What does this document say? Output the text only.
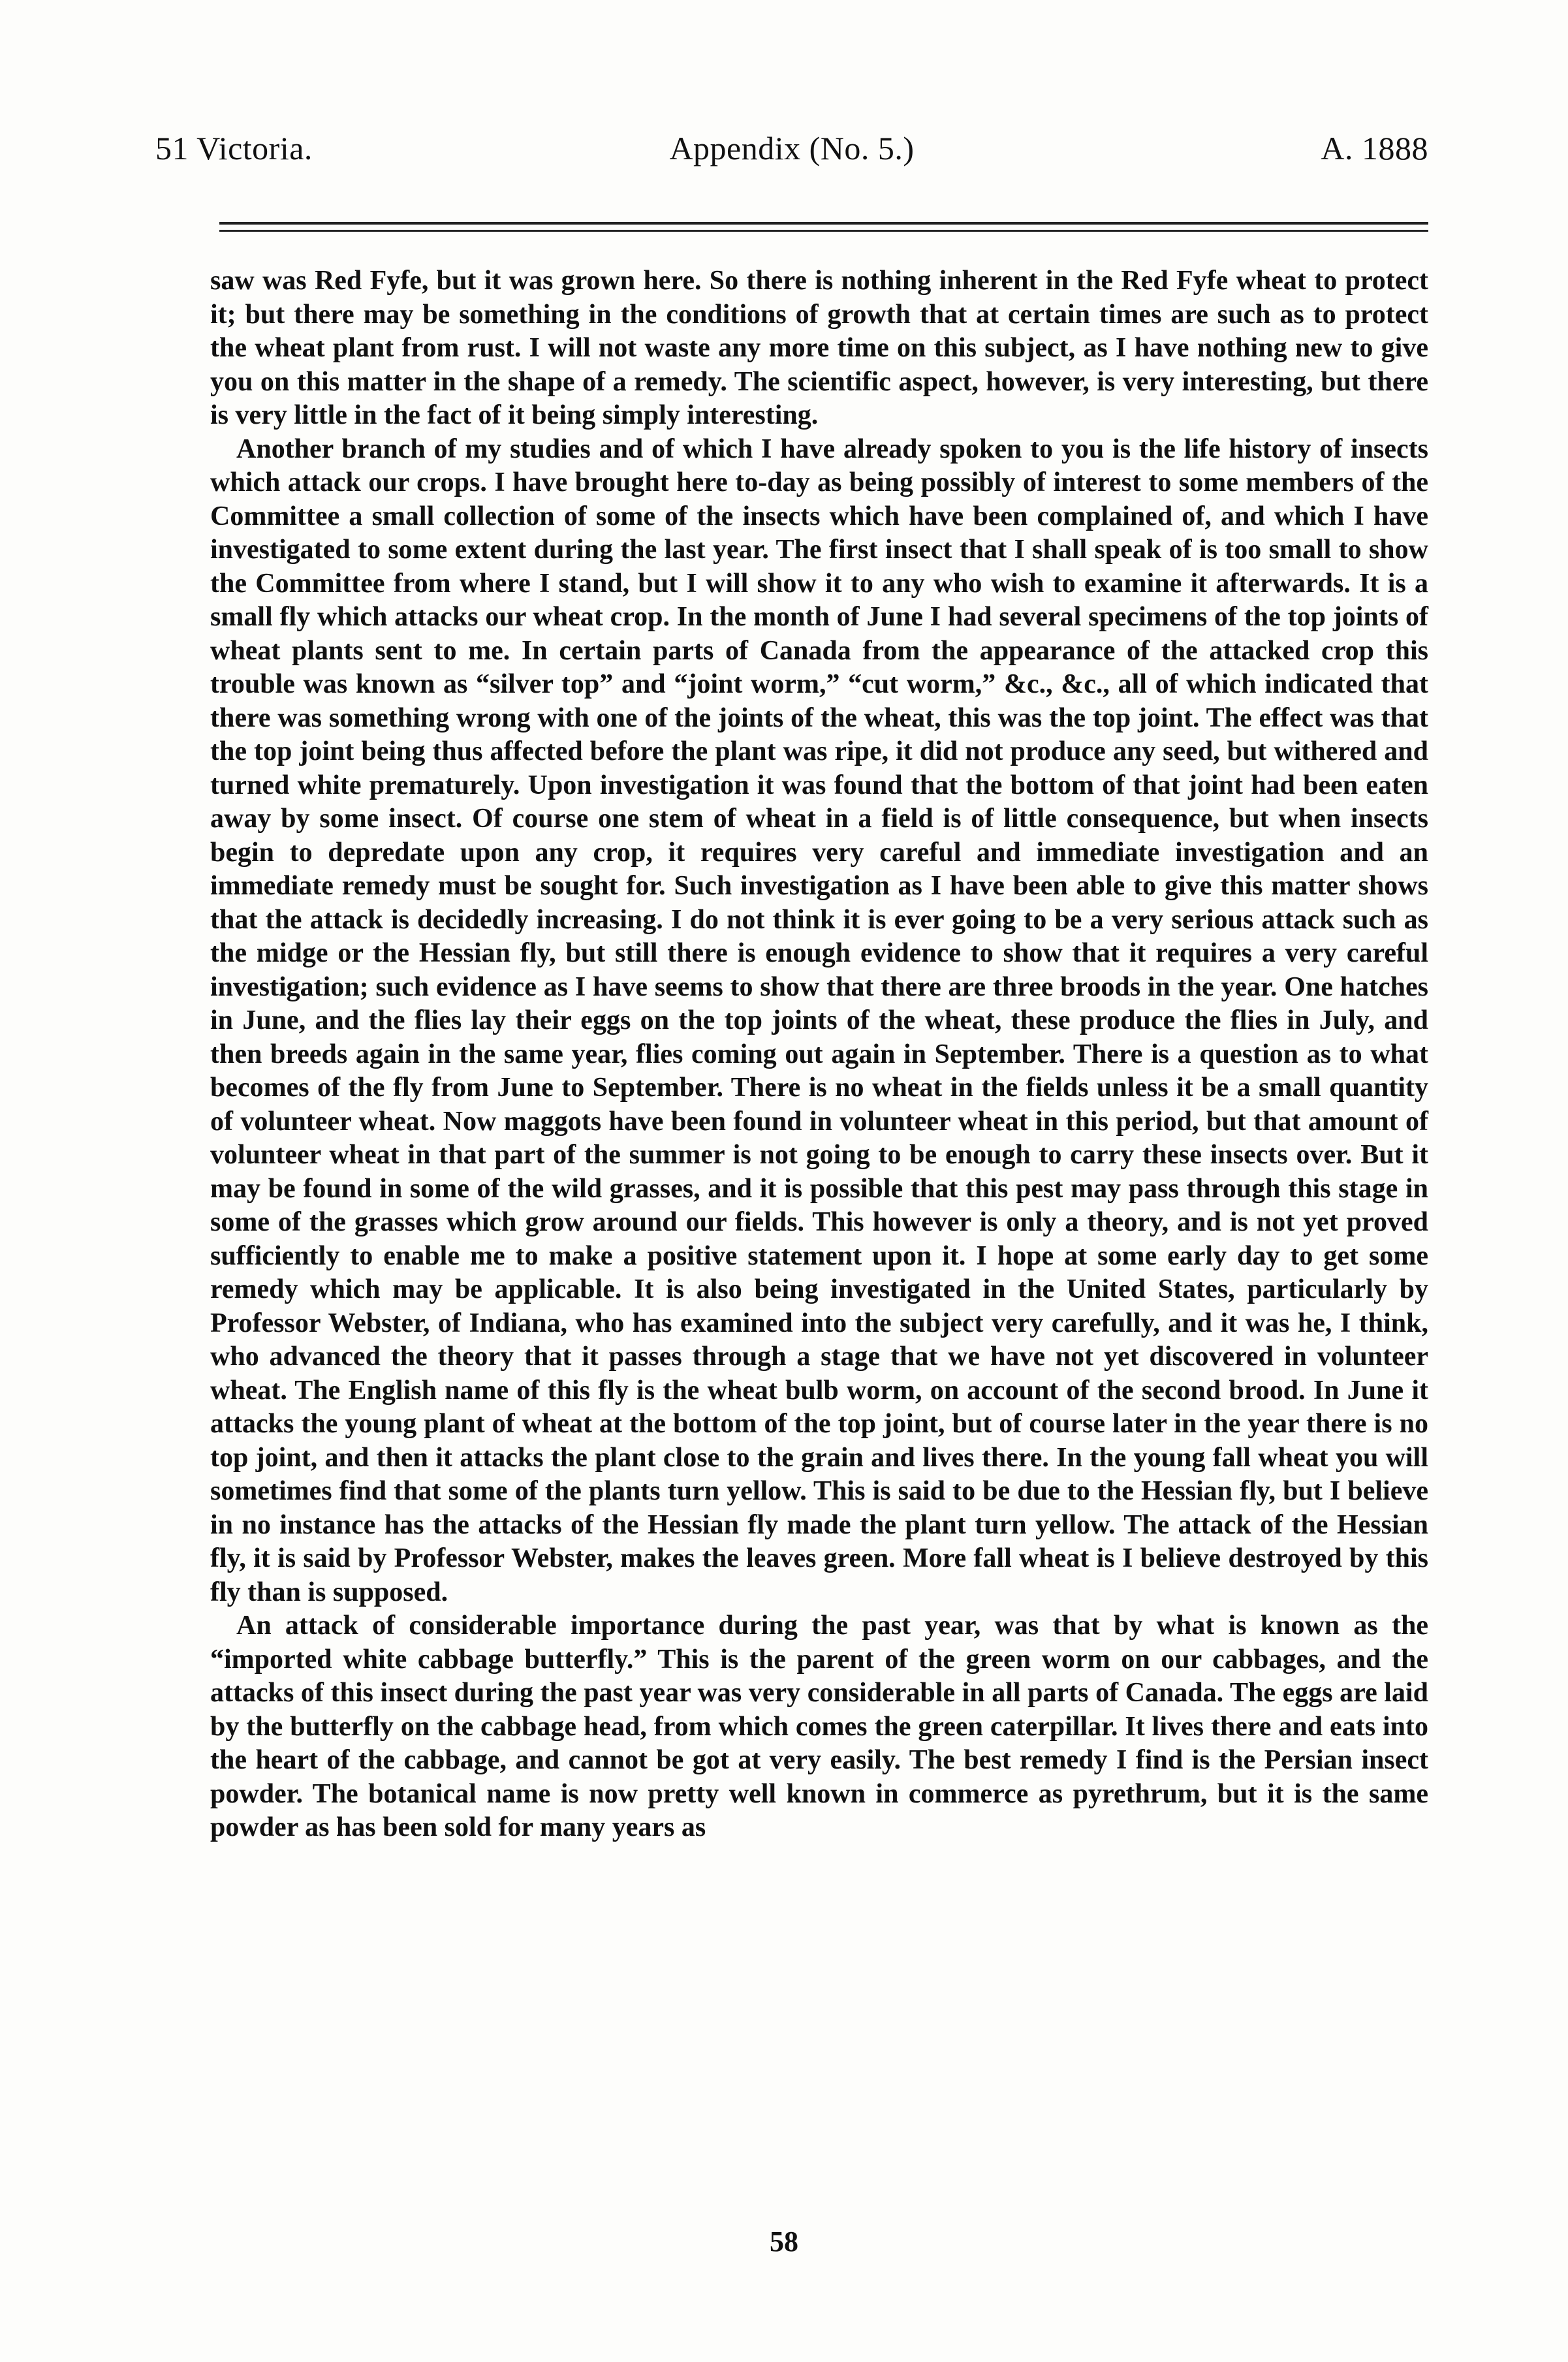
51 Victoria.	Appendix (No. 5.)	A. 1888

saw was Red Fyfe, but it was grown here. So there is nothing inherent in the Red Fyfe wheat to protect it; but there may be something in the conditions of growth that at certain times are such as to protect the wheat plant from rust. I will not waste any more time on this subject, as I have nothing new to give you on this matter in the shape of a remedy. The scientific aspect, however, is very interesting, but there is very little in the fact of it being simply interesting.

Another branch of my studies and of which I have already spoken to you is the life history of insects which attack our crops. I have brought here to-day as being possibly of interest to some members of the Committee a small collection of some of the insects which have been complained of, and which I have investigated to some extent during the last year. The first insect that I shall speak of is too small to show the Committee from where I stand, but I will show it to any who wish to examine it afterwards. It is a small fly which attacks our wheat crop. In the month of June I had several specimens of the top joints of wheat plants sent to me. In certain parts of Canada from the appearance of the attacked crop this trouble was known as “silver top” and “joint worm,” “cut worm,” &c., &c., all of which indicated that there was something wrong with one of the joints of the wheat, this was the top joint. The effect was that the top joint being thus affected before the plant was ripe, it did not produce any seed, but withered and turned white prematurely. Upon investigation it was found that the bottom of that joint had been eaten away by some insect. Of course one stem of wheat in a field is of little consequence, but when insects begin to depredate upon any crop, it requires very careful and immediate investigation and an immediate remedy must be sought for. Such investigation as I have been able to give this matter shows that the attack is decidedly increasing. I do not think it is ever going to be a very serious attack such as the midge or the Hessian fly, but still there is enough evidence to show that it requires a very careful investigation; such evidence as I have seems to show that there are three broods in the year. One hatches in June, and the flies lay their eggs on the top joints of the wheat, these produce the flies in July, and then breeds again in the same year, flies coming out again in September. There is a question as to what becomes of the fly from June to September. There is no wheat in the fields unless it be a small quantity of volunteer wheat. Now maggots have been found in volunteer wheat in this period, but that amount of volunteer wheat in that part of the summer is not going to be enough to carry these insects over. But it may be found in some of the wild grasses, and it is possible that this pest may pass through this stage in some of the grasses which grow around our fields. This however is only a theory, and is not yet proved sufficiently to enable me to make a positive statement upon it. I hope at some early day to get some remedy which may be applicable. It is also being investigated in the United States, particularly by Professor Webster, of Indiana, who has examined into the subject very carefully, and it was he, I think, who advanced the theory that it passes through a stage that we have not yet discovered in volunteer wheat. The English name of this fly is the wheat bulb worm, on account of the second brood. In June it attacks the young plant of wheat at the bottom of the top joint, but of course later in the year there is no top joint, and then it attacks the plant close to the grain and lives there. In the young fall wheat you will sometimes find that some of the plants turn yellow. This is said to be due to the Hessian fly, but I believe in no instance has the attacks of the Hessian fly made the plant turn yellow. The attack of the Hessian fly, it is said by Professor Webster, makes the leaves green. More fall wheat is I believe destroyed by this fly than is supposed.

An attack of considerable importance during the past year, was that by what is known as the “imported white cabbage butterfly.” This is the parent of the green worm on our cabbages, and the attacks of this insect during the past year was very considerable in all parts of Canada. The eggs are laid by the butterfly on the cabbage head, from which comes the green caterpillar. It lives there and eats into the heart of the cabbage, and cannot be got at very easily. The best remedy I find is the Persian insect powder. The botanical name is now pretty well known in commerce as pyrethrum, but it is the same powder as has been sold for many years as

58
